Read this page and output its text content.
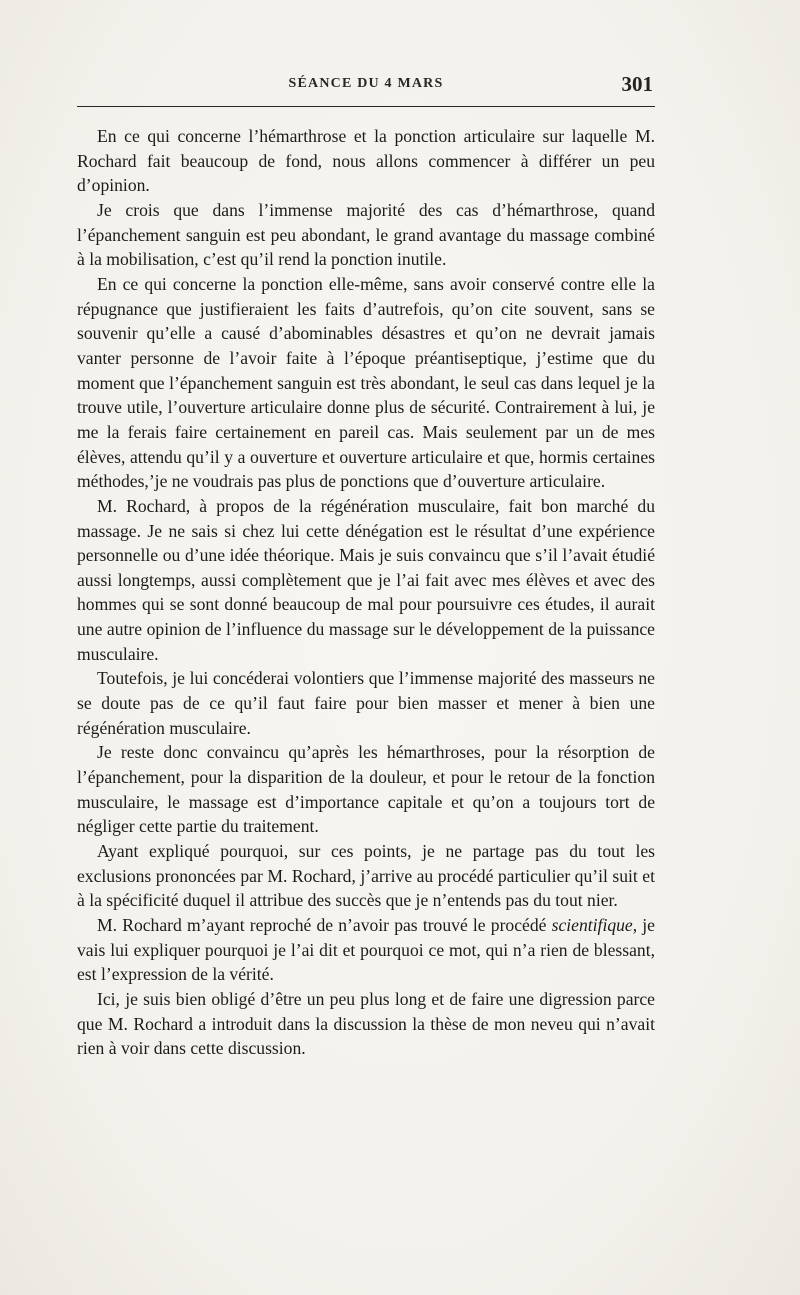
SÉANCE DU 4 MARS	301

En ce qui concerne l’hémarthrose et la ponction articulaire sur laquelle M. Rochard fait beaucoup de fond, nous allons commencer à différer un peu d’opinion.

Je crois que dans l’immense majorité des cas d’hémarthrose, quand l’épanchement sanguin est peu abondant, le grand avantage du massage combiné à la mobilisation, c’est qu’il rend la ponction inutile.

En ce qui concerne la ponction elle-même, sans avoir conservé contre elle la répugnance que justifieraient les faits d’autrefois, qu’on cite souvent, sans se souvenir qu’elle a causé d’abominables désastres et qu’on ne devrait jamais vanter personne de l’avoir faite à l’époque préantiseptique, j’estime que du moment que l’épanchement sanguin est très abondant, le seul cas dans lequel je la trouve utile, l’ouverture articulaire donne plus de sécurité. Contrairement à lui, je me la ferais faire certainement en pareil cas. Mais seulement par un de mes élèves, attendu qu’il y a ouverture et ouverture articulaire et que, hormis certaines méthodes,’je ne voudrais pas plus de ponctions que d’ouverture articulaire.

M. Rochard, à propos de la régénération musculaire, fait bon marché du massage. Je ne sais si chez lui cette dénégation est le résultat d’une expérience personnelle ou d’une idée théorique. Mais je suis convaincu que s’il l’avait étudié aussi longtemps, aussi complètement que je l’ai fait avec mes élèves et avec des hommes qui se sont donné beaucoup de mal pour poursuivre ces études, il aurait une autre opinion de l’influence du massage sur le développement de la puissance musculaire.

Toutefois, je lui concéderai volontiers que l’immense majorité des masseurs ne se doute pas de ce qu’il faut faire pour bien masser et mener à bien une régénération musculaire.

Je reste donc convaincu qu’après les hémarthroses, pour la résorption de l’épanchement, pour la disparition de la douleur, et pour le retour de la fonction musculaire, le massage est d’importance capitale et qu’on a toujours tort de négliger cette partie du traitement.

Ayant expliqué pourquoi, sur ces points, je ne partage pas du tout les exclusions prononcées par M. Rochard, j’arrive au procédé particulier qu’il suit et à la spécificité duquel il attribue des succès que je n’entends pas du tout nier.

M. Rochard m’ayant reproché de n’avoir pas trouvé le procédé scientifique, je vais lui expliquer pourquoi je l’ai dit et pourquoi ce mot, qui n’a rien de blessant, est l’expression de la vérité.

Ici, je suis bien obligé d’être un peu plus long et de faire une digression parce que M. Rochard a introduit dans la discussion la thèse de mon neveu qui n’avait rien à voir dans cette discussion.
